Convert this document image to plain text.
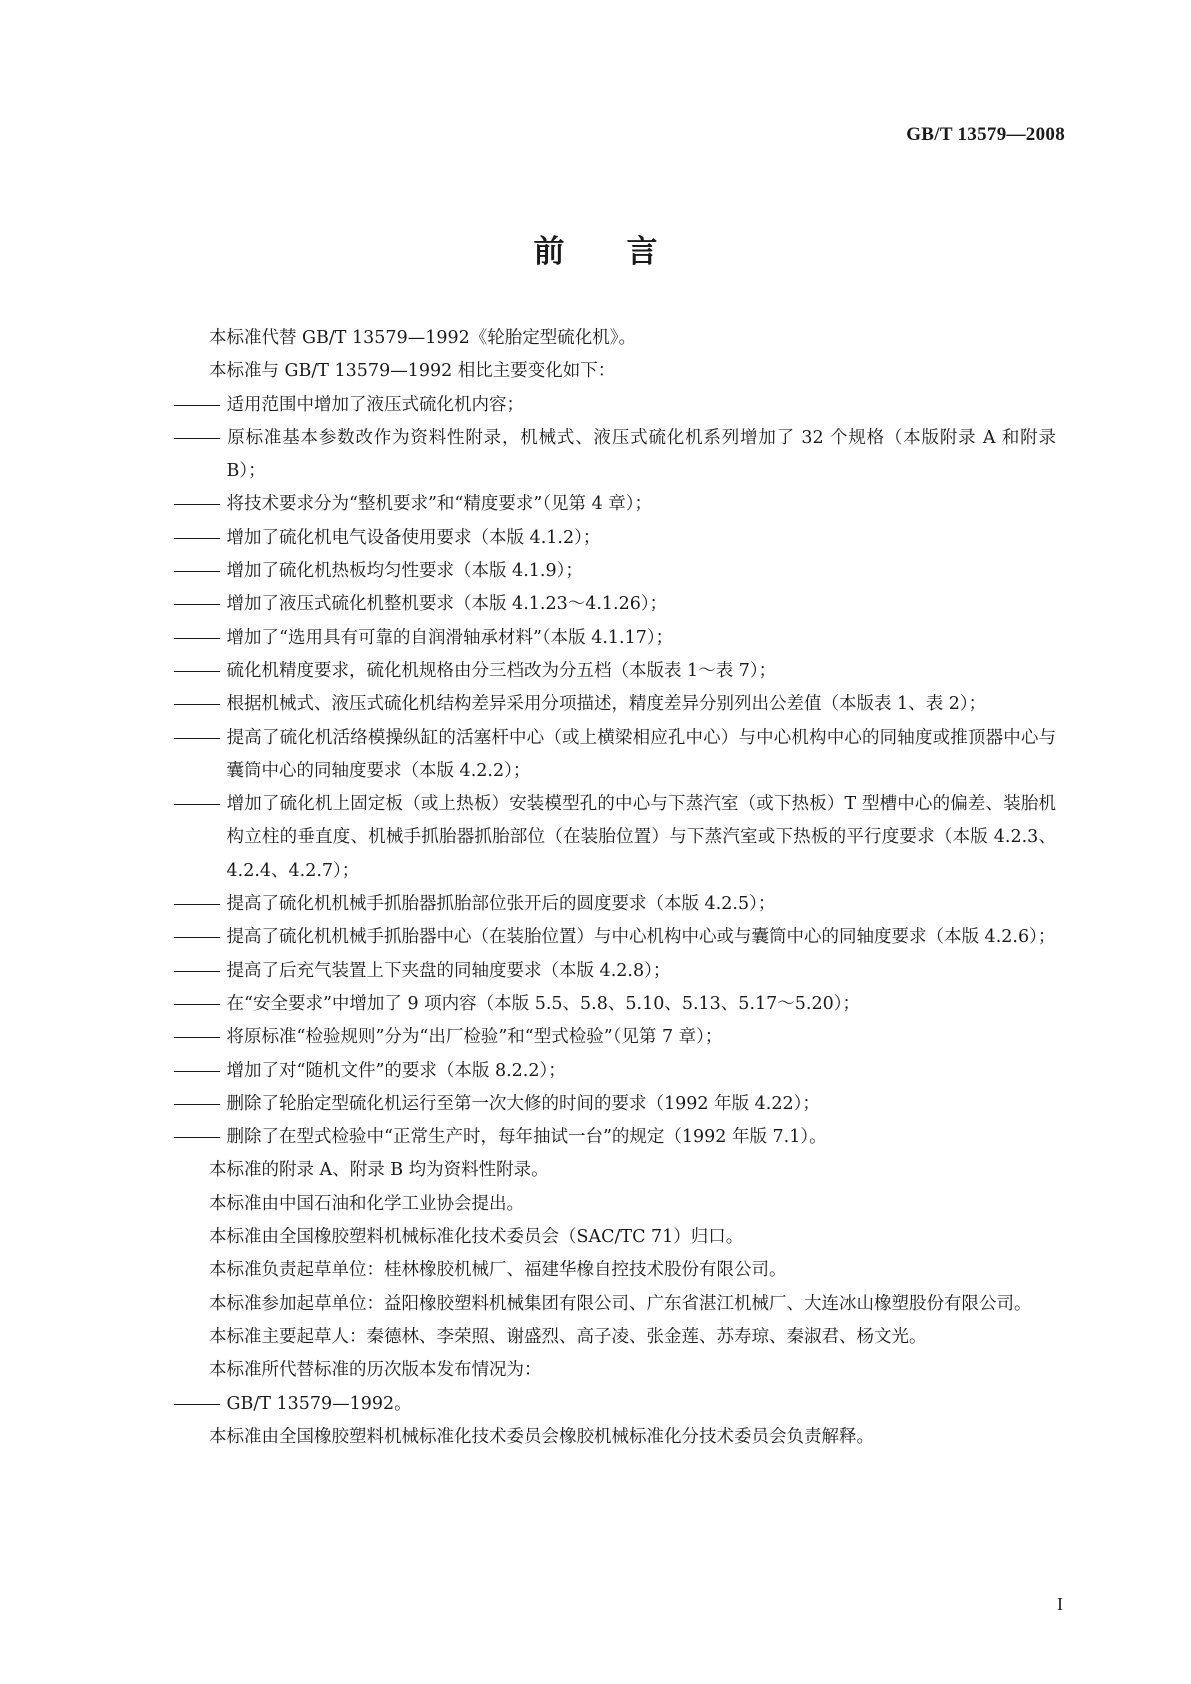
GB/T 13579—2008
前 言

本标准代替 GB/T 13579—1992《轮胎定型硫化机》。

本标准与 GB/T 13579—1992 相比主要变化如下：

适用范围中增加了液压式硫化机内容；

原标准基本参数改作为资料性附录，机械式、液压式硫化机系列增加了 32 个规格（本版附录 A 和附录 B）；

将技术要求分为“整机要求”和“精度要求”（见第 4 章）；

增加了硫化机电气设备使用要求（本版 4.1.2）；

增加了硫化机热板均匀性要求（本版 4.1.9）；

增加了液压式硫化机整机要求（本版 4.1.23～4.1.26）；

增加了“选用具有可靠的自润滑轴承材料”（本版 4.1.17）；

硫化机精度要求，硫化机规格由分三档改为分五档（本版表 1～表 7）；

根据机械式、液压式硫化机结构差异采用分项描述，精度差异分别列出公差值（本版表 1、表 2）；

提高了硫化机活络模操纵缸的活塞杆中心（或上横梁相应孔中心）与中心机构中心的同轴度或推顶器中心与囊筒中心的同轴度要求（本版 4.2.2）；

增加了硫化机上固定板（或上热板）安装模型孔的中心与下蒸汽室（或下热板）T 型槽中心的偏差、装胎机构立柱的垂直度、机械手抓胎器抓胎部位（在装胎位置）与下蒸汽室或下热板的平行度要求（本版 4.2.3、4.2.4、4.2.7）；

提高了硫化机机械手抓胎器抓胎部位张开后的圆度要求（本版 4.2.5）；

提高了硫化机机械手抓胎器中心（在装胎位置）与中心机构中心或与囊筒中心的同轴度要求（本版 4.2.6）；

提高了后充气装置上下夹盘的同轴度要求（本版 4.2.8）；

在“安全要求”中增加了 9 项内容（本版 5.5、5.8、5.10、5.13、5.17～5.20）；

将原标准“检验规则”分为“出厂检验”和“型式检验”（见第 7 章）；

增加了对“随机文件”的要求（本版 8.2.2）；

删除了轮胎定型硫化机运行至第一次大修的时间的要求（1992 年版 4.22）；

删除了在型式检验中“正常生产时，每年抽试一台”的规定（1992 年版 7.1）。

本标准的附录 A、附录 B 均为资料性附录。

本标准由中国石油和化学工业协会提出。

本标准由全国橡胶塑料机械标准化技术委员会（SAC/TC 71）归口。

本标准负责起草单位：桂林橡胶机械厂、福建华橡自控技术股份有限公司。

本标准参加起草单位：益阳橡胶塑料机械集团有限公司、广东省湛江机械厂、大连冰山橡塑股份有限公司。

本标准主要起草人：秦德林、李荣照、谢盛烈、高子凌、张金莲、苏寿琼、秦淑君、杨文光。

本标准所代替标准的历次版本发布情况为：

GB/T 13579—1992。

本标准由全国橡胶塑料机械标准化技术委员会橡胶机械标准化分技术委员会负责解释。

I
